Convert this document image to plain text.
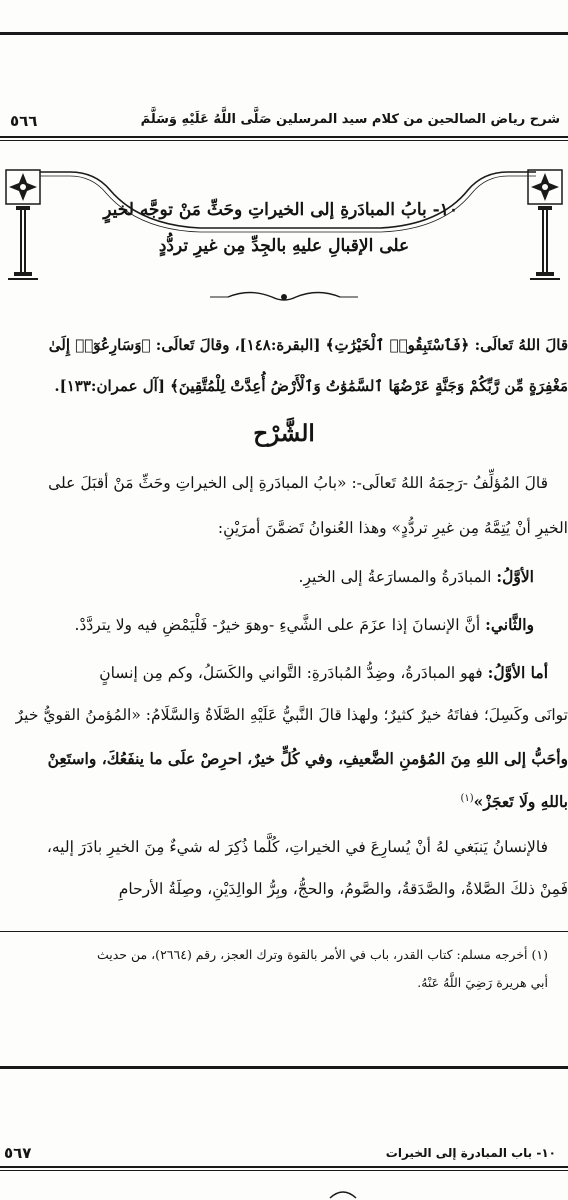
شرح رياض الصالحين من كلام سيد المرسلين صَلَّى اللَّهُ عَلَيْهِ وَسَلَّمَ
٥٦٦
١٠- بابُ المبادَرةِ إلى الخيراتِ وحَثِّ مَنْ توجَّه لخيرٍ
على الإقبالِ عليهِ بالجِدِّ مِن غيرِ تردُّدٍ
قالَ اللهُ تَعالَى: ﴿فَٱسْتَبِقُوا۟ ٱلْخَيْرَٰتِ﴾ [البقرة:١٤٨]، وقالَ تَعالَى: ﴿وَسَارِعُوٓا۟ إِلَىٰ
مَغْفِرَةٍ مِّن رَّبِّكُمْ وَجَنَّةٍ عَرْضُهَا ٱلسَّمَٰوَٰتُ وَٱلْأَرْضُ أُعِدَّتْ لِلْمُتَّقِينَ﴾ [آل عمران:١٣٣].
الشَّرْح
قالَ المُؤلِّفُ -رَحِمَهُ اللهُ تَعالَى-: «بابُ المبادَرةِ إلى الخيراتِ وحَثِّ مَنْ أقبَلَ على
الخيرِ أنْ يُتِمَّهُ مِن غيرِ تردُّدٍ» وهذا العُنوانُ تَضمَّنَ أمرَيْنِ:
الأوَّلُ: المبادَرةُ والمسارَعةُ إلى الخيرِ.
والثَّاني: أنَّ الإنسانَ إذا عزَمَ على الشَّيءِ -وهوَ خيرٌ- فَلْيَمْضِ فيه ولا يتردَّدْ.
أما الأوَّلُ: فهو المبادَرةُ، وضِدُّ المُبادَرةِ: التَّواني والكَسَلُ، وكم مِن إنسانٍ
توانَى وكَسِلَ؛ ففاتَهُ خيرٌ كثيرٌ؛ ولهذا قالَ النَّبيُّ عَلَيْهِ الصَّلَاةُ وَالسَّلَامُ: «المُؤمنُ القويُّ خيرٌ
وأحَبُّ إلى اللهِ مِنَ المُؤمنِ الضَّعيفِ، وفي كُلٍّ خيرٌ، احرِصْ علَى ما ينفَعُكَ، واستَعِنْ
باللهِ ولَا تَعجَزْ»$^{(١)}$
فالإنسانُ يَنبَغي لهُ أنْ يُسارِعَ في الخيراتِ، كُلَّما ذُكِرَ له شيءٌ مِنَ الخيرِ بادَرَ إليه،
فَمِنْ ذلكَ الصَّلاةُ، والصَّدَقةُ، والصَّومُ، والحجُّ، وبِرُّ الوالِدَيْنِ، وصِلَةُ الأرحامِ
(١) أخرجه مسلم: كتاب القدر، باب في الأمر بالقوة وترك العجز، رقم (٢٦٦٤)، من حديث
أبي هريرة رَضِيَ اللَّهُ عَنْهُ.
١٠- باب المبادرة إلى الخيرات
٥٦٧
